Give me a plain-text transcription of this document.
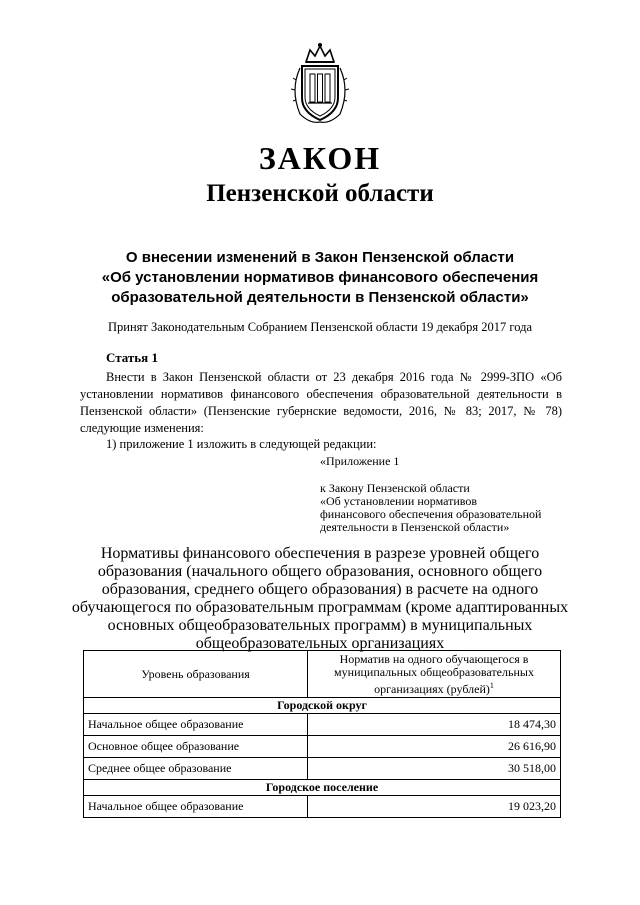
ЗАКОН
Пензенской области
О внесении изменений в Закон Пензенской области
«Об установлении нормативов финансового обеспечения
образовательной деятельности в Пензенской области»
Принят Законодательным Собранием Пензенской области 19 декабря 2017 года
Статья 1
Внести в Закон Пензенской области от 23 декабря 2016 года № 2999-ЗПО «Об установлении нормативов финансового обеспечения образовательной деятельности в Пензенской области» (Пензенские губернские ведомости, 2016, № 83; 2017, № 78) следующие изменения:
1) приложение 1 изложить в следующей редакции:
«Приложение 1
к Закону Пензенской области
«Об установлении нормативов
финансового обеспечения образовательной
деятельности в Пензенской области»
Нормативы финансового обеспечения в разрезе уровней общего
образования (начального общего образования, основного общего
образования, среднего общего образования) в расчете на одного
обучающегося по образовательным программам (кроме адаптированных
основных общеобразовательных программ) в муниципальных
общеобразовательных организациях
Уровень образования	Норматив на одного обучающегося в
муниципальных общеобразовательных
организациях (рублей)$^1$

Городской округ	
Начальное общее образование	18 474,30
Основное общее образование	26 616,90
Среднее общее образование	30 518,00
Городское поселение	
Начальное общее образование	19 023,20
